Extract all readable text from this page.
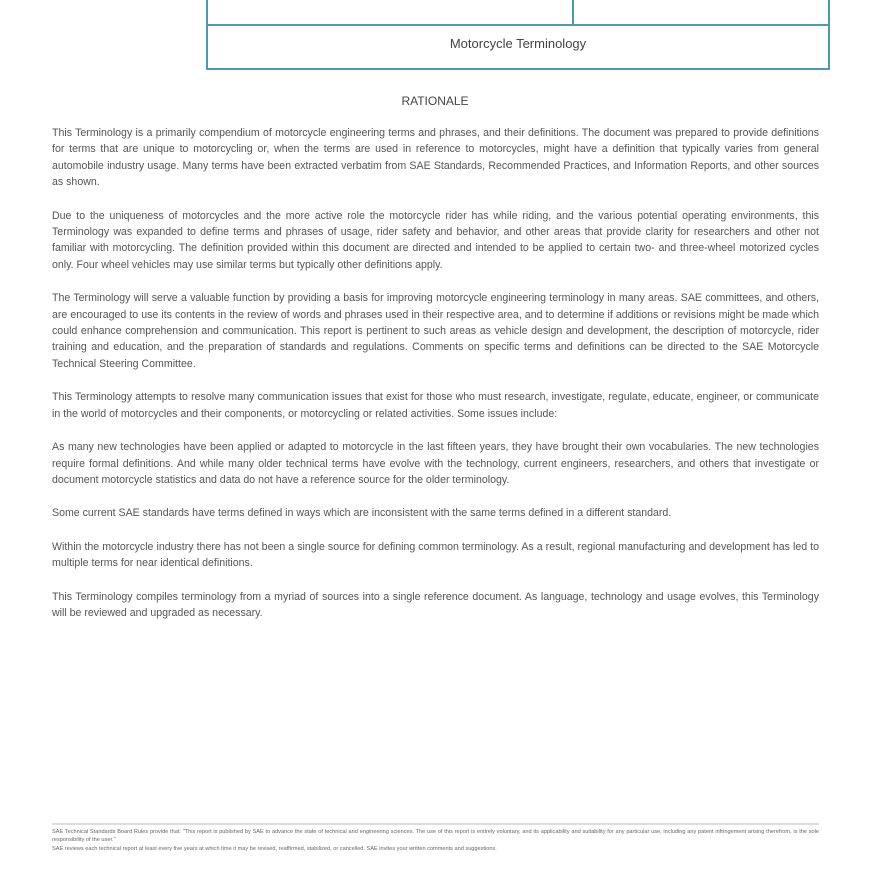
Motorcycle Terminology
RATIONALE

This Terminology is a primarily compendium of motorcycle engineering terms and phrases, and their definitions. The document was prepared to provide definitions for terms that are unique to motorcycling or, when the terms are used in reference to motorcycles, might have a definition that typically varies from general automobile industry usage. Many terms have been extracted verbatim from SAE Standards, Recommended Practices, and Information Reports, and other sources as shown.

Due to the uniqueness of motorcycles and the more active role the motorcycle rider has while riding, and the various potential operating environments, this Terminology was expanded to define terms and phrases of usage, rider safety and behavior, and other areas that provide clarity for researchers and other not familiar with motorcycling. The definition provided within this document are directed and intended to be applied to certain two- and three-wheel motorized cycles only. Four wheel vehicles may use similar terms but typically other definitions apply.

The Terminology will serve a valuable function by providing a basis for improving motorcycle engineering terminology in many areas. SAE committees, and others, are encouraged to use its contents in the review of words and phrases used in their respective area, and to determine if additions or revisions might be made which could enhance comprehension and communication. This report is pertinent to such areas as vehicle design and development, the description of motorcycle, rider training and education, and the preparation of standards and regulations. Comments on specific terms and definitions can be directed to the SAE Motorcycle Technical Steering Committee.

This Terminology attempts to resolve many communication issues that exist for those who must research, investigate, regulate, educate, engineer, or communicate in the world of motorcycles and their components, or motorcycling or related activities. Some issues include:

As many new technologies have been applied or adapted to motorcycle in the last fifteen years, they have brought their own vocabularies. The new technologies require formal definitions. And while many older technical terms have evolve with the technology, current engineers, researchers, and others that investigate or document motorcycle statistics and data do not have a reference source for the older terminology.

Some current SAE standards have terms defined in ways which are inconsistent with the same terms defined in a different standard.

Within the motorcycle industry there has not been a single source for defining common terminology. As a result, regional manufacturing and development has led to multiple terms for near identical definitions.

This Terminology compiles terminology from a myriad of sources into a single reference document. As language, technology and usage evolves, this Terminology will be reviewed and upgraded as necessary.

SAE Technical Standards Board Rules provide that: "This report is published by SAE to advance the state of technical and engineering sciences. The use of this report is entirely voluntary, and its applicability and suitability for any particular use, including any patent infringement arising therefrom, is the sole responsibility of the user."

SAE reviews each technical report at least every five years at which time it may be revised, reaffirmed, stabilized, or cancelled. SAE invites your written comments and suggestions.
